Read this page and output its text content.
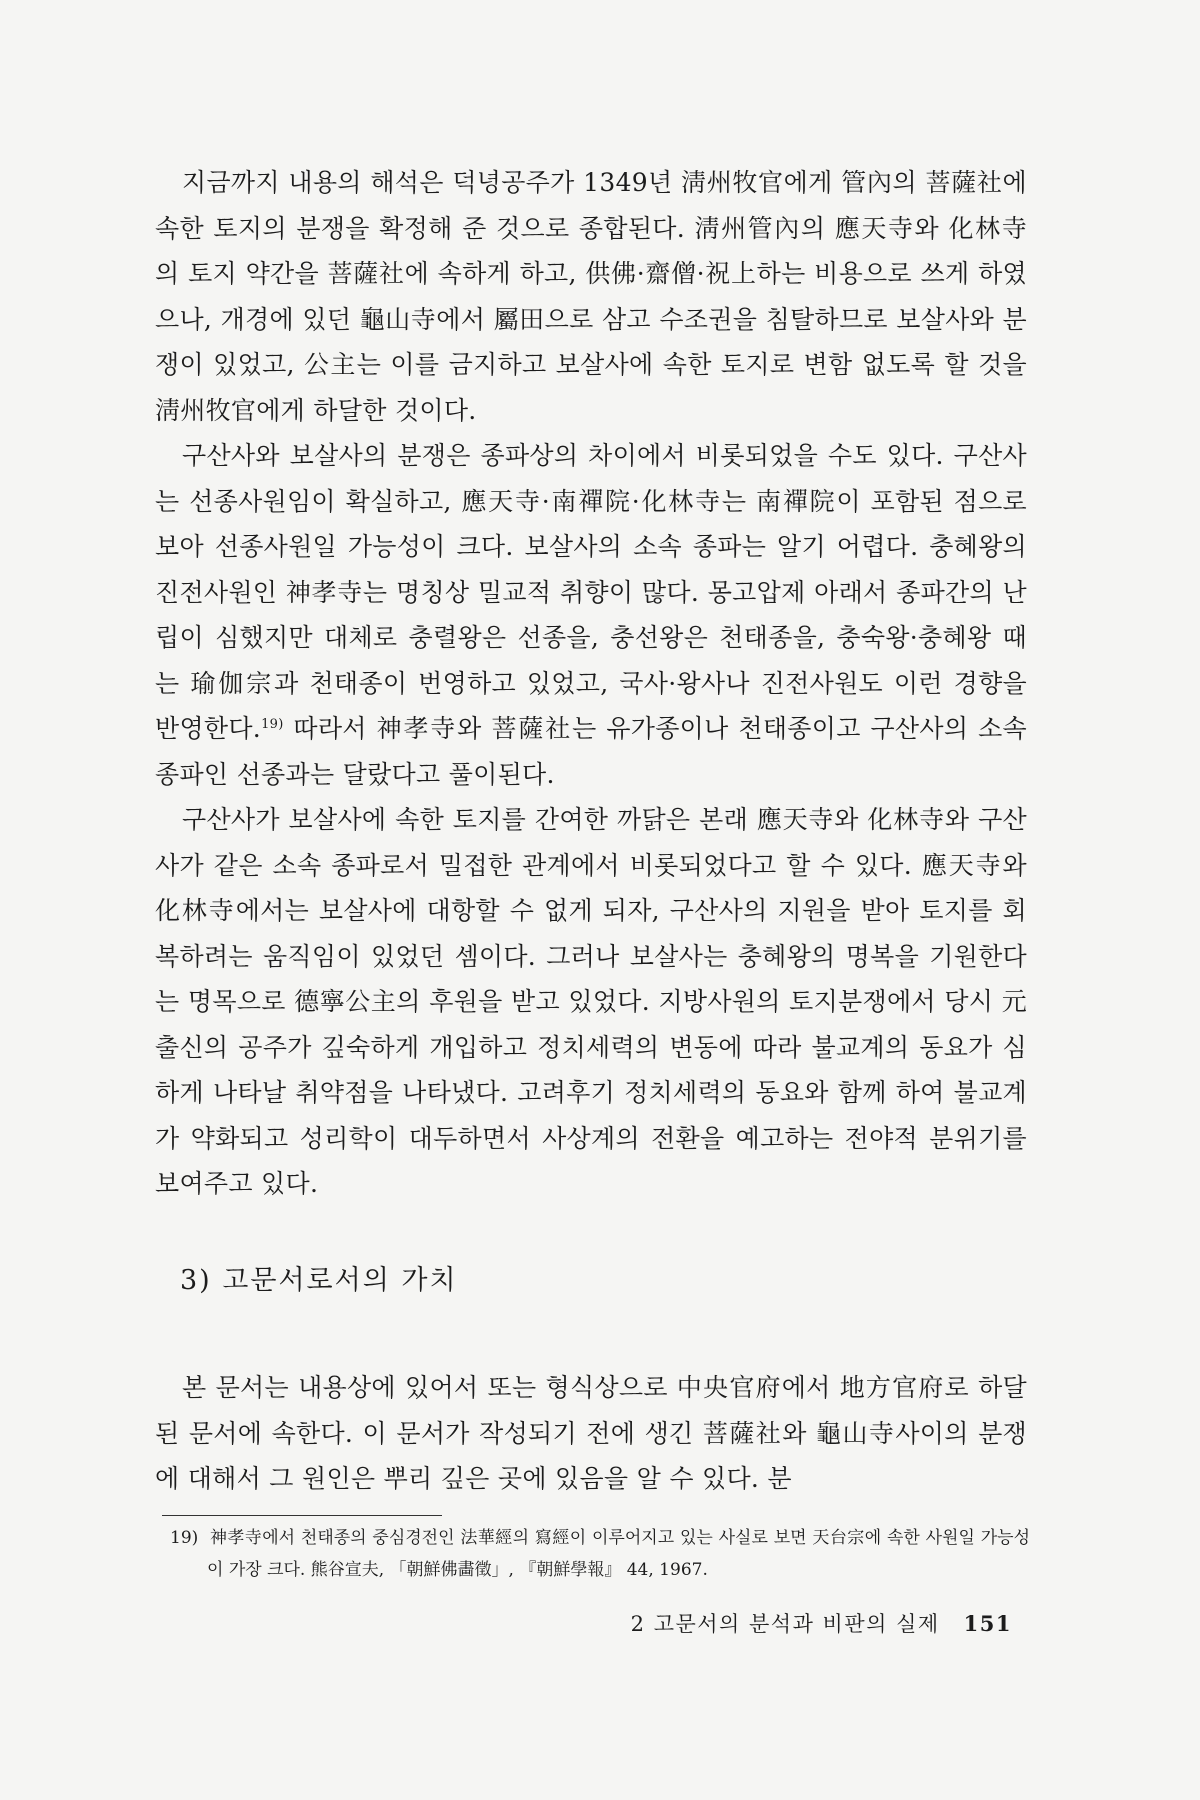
지금까지 내용의 해석은 덕녕공주가 1349년 淸州牧官에게 管內의 菩薩社에 속한 토지의 분쟁을 확정해 준 것으로 종합된다. 淸州管內의 應天寺와 化林寺의 토지 약간을 菩薩社에 속하게 하고, 供佛·齋僧·祝上하는 비용으로 쓰게 하였으나, 개경에 있던 龜山寺에서 屬田으로 삼고 수조권을 침탈하므로 보살사와 분쟁이 있었고, 公主는 이를 금지하고 보살사에 속한 토지로 변함 없도록 할 것을 淸州牧官에게 하달한 것이다.

구산사와 보살사의 분쟁은 종파상의 차이에서 비롯되었을 수도 있다. 구산사는 선종사원임이 확실하고, 應天寺·南禪院·化林寺는 南禪院이 포함된 점으로 보아 선종사원일 가능성이 크다. 보살사의 소속 종파는 알기 어렵다. 충혜왕의 진전사원인 神孝寺는 명칭상 밀교적 취향이 많다. 몽고압제 아래서 종파간의 난립이 심했지만 대체로 충렬왕은 선종을, 충선왕은 천태종을, 충숙왕·충혜왕 때는 瑜伽宗과 천태종이 번영하고 있었고, 국사·왕사나 진전사원도 이런 경향을 반영한다.$^{19)}$ 따라서 神孝寺와 菩薩社는 유가종이나 천태종이고 구산사의 소속종파인 선종과는 달랐다고 풀이된다.

구산사가 보살사에 속한 토지를 간여한 까닭은 본래 應天寺와 化林寺와 구산사가 같은 소속 종파로서 밀접한 관계에서 비롯되었다고 할 수 있다. 應天寺와 化林寺에서는 보살사에 대항할 수 없게 되자, 구산사의 지원을 받아 토지를 회복하려는 움직임이 있었던 셈이다. 그러나 보살사는 충혜왕의 명복을 기원한다는 명목으로 德寧公主의 후원을 받고 있었다. 지방사원의 토지분쟁에서 당시 元출신의 공주가 깊숙하게 개입하고 정치세력의 변동에 따라 불교계의 동요가 심하게 나타날 취약점을 나타냈다. 고려후기 정치세력의 동요와 함께 하여 불교계가 약화되고 성리학이 대두하면서 사상계의 전환을 예고하는 전야적 분위기를 보여주고 있다.

3) 고문서로서의 가치

본 문서는 내용상에 있어서 또는 형식상으로 中央官府에서 地方官府로 하달된 문서에 속한다. 이 문서가 작성되기 전에 생긴 菩薩社와 龜山寺사이의 분쟁에 대해서 그 원인은 뿌리 깊은 곳에 있음을 알 수 있다. 분

19) 神孝寺에서 천태종의 중심경전인 法華經의 寫經이 이루어지고 있는 사실로 보면 天台宗에 속한 사원일 가능성이 가장 크다. 熊谷宣夫, 「朝鮮佛畵徵」, 『朝鮮學報』 44, 1967.
2 고문서의 분석과 비판의 실제 151
